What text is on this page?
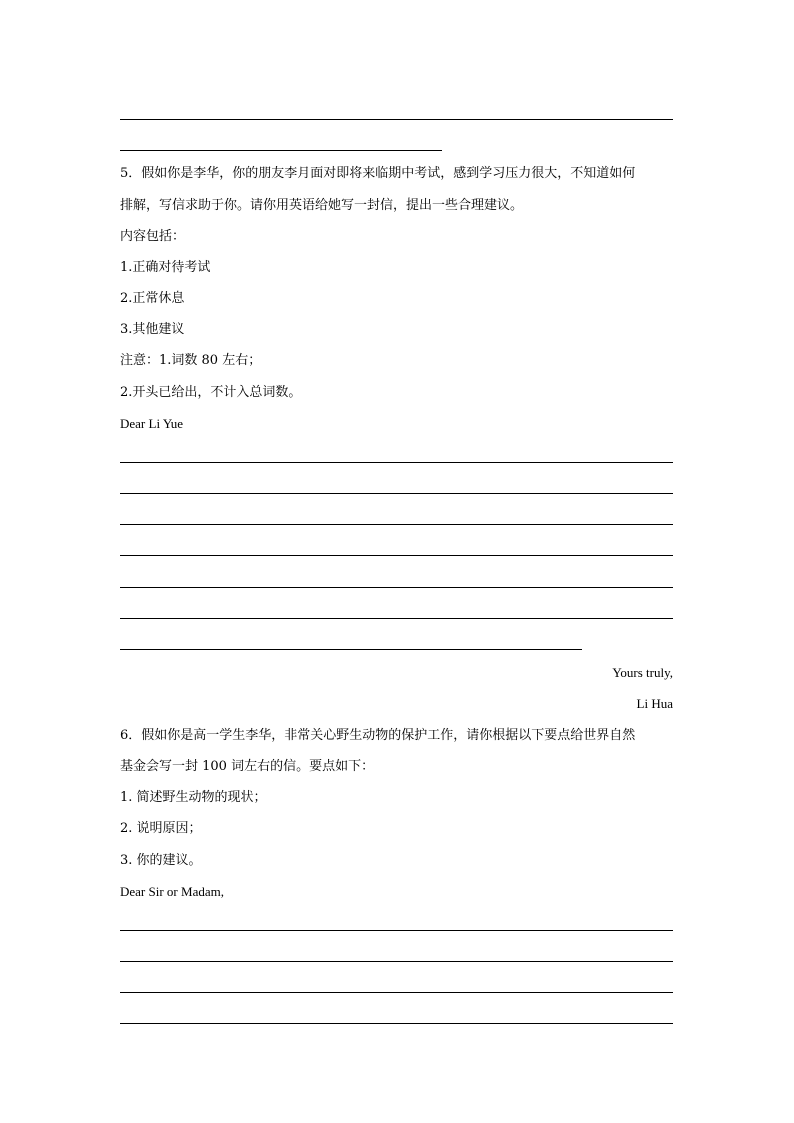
5．假如你是李华，你的朋友李月面对即将来临期中考试，感到学习压力很大，不知道如何
排解，写信求助于你。请你用英语给她写一封信，提出一些合理建议。
内容包括：
1.正确对待考试
2.正常休息
3.其他建议
注意：1.词数 80 左右；
2.开头已给出，不计入总词数。
Dear Li Yue
Yours truly,
Li Hua
6．假如你是高一学生李华，非常关心野生动物的保护工作，请你根据以下要点给世界自然
基金会写一封 100 词左右的信。要点如下：
1. 简述野生动物的现状；
2. 说明原因；
3. 你的建议。
Dear Sir or Madam,
